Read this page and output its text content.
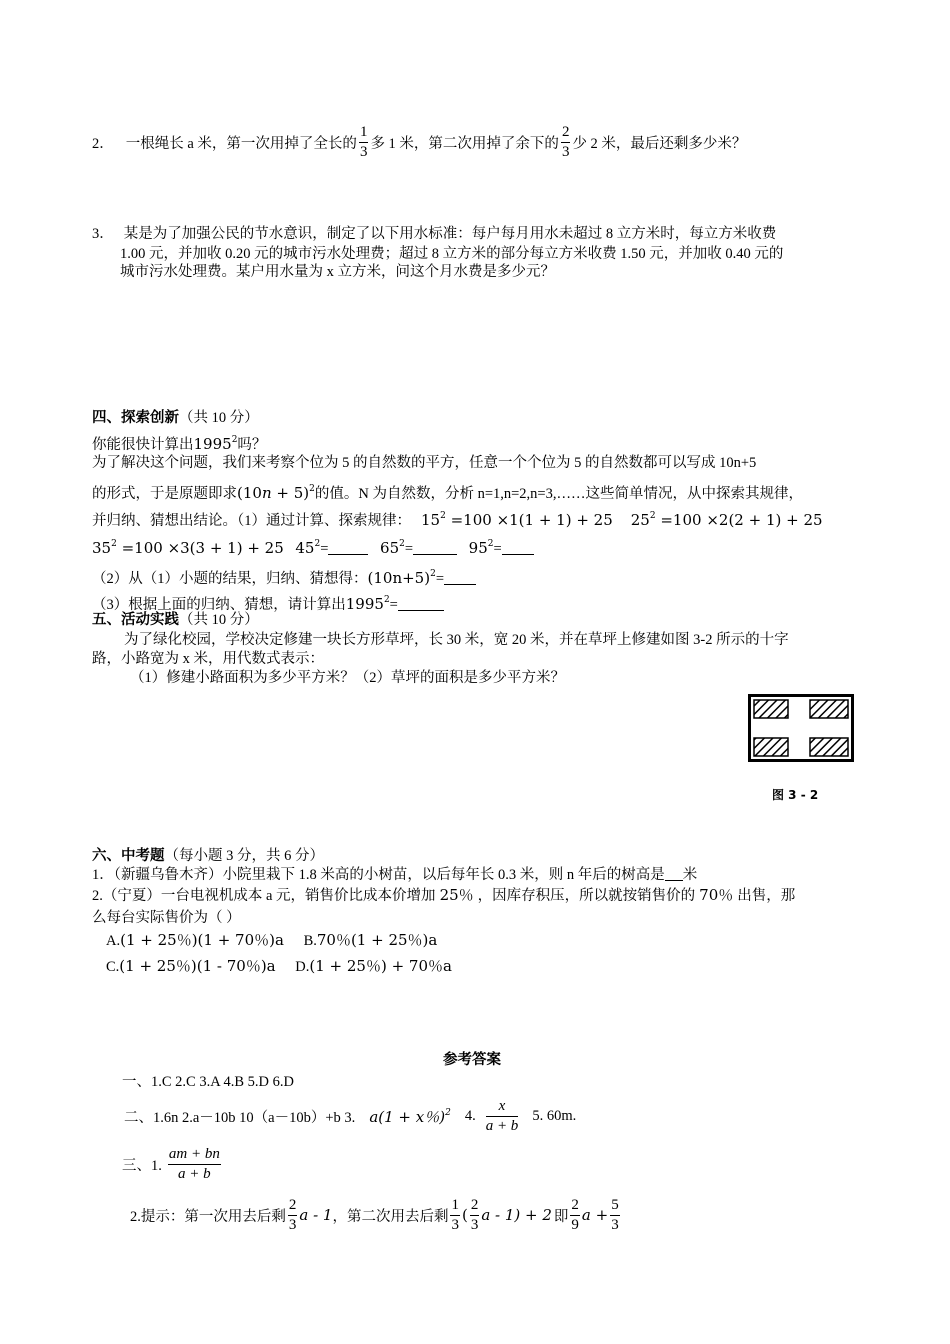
2． 一根绳长 a 米，第一次用掉了全长的 $\frac{1}{3}$ 多 1 米，第二次用掉了余下的 $\frac{2}{3}$ 少 2 米，最后还剩多少米？
3． 某是为了加强公民的节水意识，制定了以下用水标准：每户每月用水未超过 8 立方米时，每立方米收费
1.00 元，并加收 0.20 元的城市污水处理费；超过 8 立方米的部分每立方米收费 1.50 元，并加收 0.40 元的
城市污水处理费。某户用水量为 x 立方米，问这个月水费是多少元？
四、探索创新（共 10 分）
你能很快计算出1995$^2$吗？
为了解决这个问题，我们来考察个位为 5 的自然数的平方，任意一个个位为 5 的自然数都可以写成 10n+5
的形式，于是原题即求$(10n + 5)^2$的值。N 为自然数，分析 n=1,n=2,n=3,……这些简单情况，从中探索其规律，
并归纳、猜想出结论。（1）通过计算、探索规律： $15^2 =100 \times 1(1 + 1) + 25$ $25^2 =100 \times 2(2 + 1) + 25$
$35^2 =100 \times 3(3 + 1) + 25$ $45^2=$	$65^2=$	$95^2=$
（2）从（1）小题的结果，归纳、猜想得：$(10n+5)^2=$
（3）根据上面的归纳、猜想，请计算出$1995^2=$
五、活动实践（共 10 分）
为了绿化校园，学校决定修建一块长方形草坪，长 30 米，宽 20 米，并在草坪上修建如图 3-2 所示的十字
路，小路宽为 x 米，用代数式表示：
（1）修建小路面积为多少平方米？（2）草坪的面积是多少平方米？
图 3 - 2
六、中考题（每小题 3 分，共 6 分）
1．（新疆乌鲁木齐）小院里栽下 1.8 米高的小树苗，以后每年长 0.3 米，则 n 年后的树高是 米
2.（宁夏）一台电视机成本 a 元，销售价比成本价增加 25％ ，因库存积压，所以就按销售价的 70％ 出售，那
么每台实际售价为（ ）
A.(1 + 25％)(1 + 70％)a B.70％(1 + 25％)a
C.(1 + 25％)(1 - 70％)a D.(1 + 25％) + 70％a
参考答案
一、1.C 2.C 3.A 4.B 5.D 6.D
二、1.6n 2.a－10b 10（a－10b）+b 3. a(1 + x％)$^2$ 4. $\frac{x}{a + b} 5$. 60m.
三、1. $\frac{am + bn}{a + b}$
2.提示：第一次用去后剩 $\frac{2}{3}$ a - 1 ，第二次用去后剩 $\frac{1}{3}$ ( $\frac{2}{3}$ a - 1) + 2 即 $\frac{2}{9}$ $a + \frac{5}{3}$
